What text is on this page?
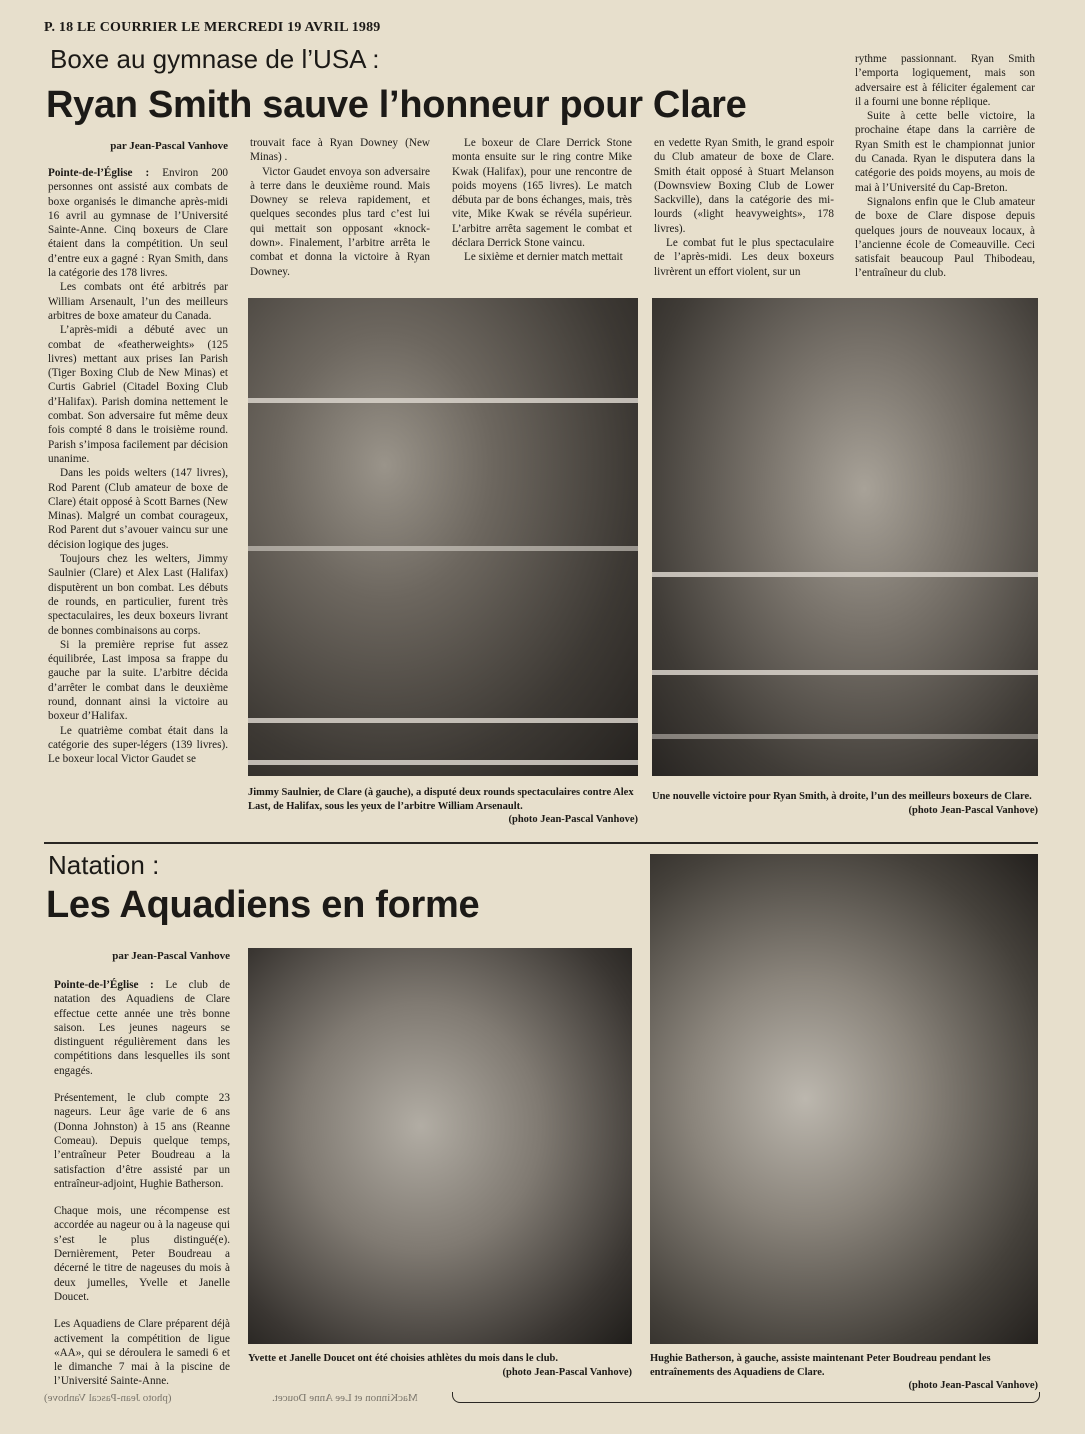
P. 18 LE COURRIER LE MERCREDI 19 AVRIL 1989
Boxe au gymnase de l’USA :
Ryan Smith sauve l’honneur pour Clare
par Jean-Pascal Vanhove

Pointe-de-l’Église : Environ 200 personnes ont assisté aux combats de boxe organisés le dimanche après-midi 16 avril au gymnase de l’Université Sainte-Anne. Cinq boxeurs de Clare étaient dans la compétition. Un seul d’entre eux a gagné : Ryan Smith, dans la catégorie des 178 livres.

Les combats ont été arbitrés par William Arsenault, l’un des meilleurs arbitres de boxe amateur du Canada.

L’après-midi a débuté avec un combat de «featherweights» (125 livres) mettant aux prises Ian Parish (Tiger Boxing Club de New Minas) et Curtis Gabriel (Citadel Boxing Club d’Halifax). Parish domina nettement le combat. Son adversaire fut même deux fois compté 8 dans le troisième round. Parish s’imposa facilement par décision unanime.

Dans les poids welters (147 livres), Rod Parent (Club amateur de boxe de Clare) était opposé à Scott Barnes (New Minas). Malgré un combat courageux, Rod Parent dut s’avouer vaincu sur une décision logique des juges.

Toujours chez les welters, Jimmy Saulnier (Clare) et Alex Last (Halifax) disputèrent un bon combat. Les débuts de rounds, en particulier, furent très spectaculaires, les deux boxeurs livrant de bonnes combinaisons au corps.

Si la première reprise fut assez équilibrée, Last imposa sa frappe du gauche par la suite. L’arbitre décida d’arrêter le combat dans le deuxième round, donnant ainsi la victoire au boxeur d’Halifax.

Le quatrième combat était dans la catégorie des super-légers (139 livres). Le boxeur local Victor Gaudet se

trouvait face à Ryan Downey (New Minas) .

Victor Gaudet envoya son adversaire à terre dans le deuxième round. Mais Downey se releva rapidement, et quelques secondes plus tard c’est lui qui mettait son opposant «knock-down». Finalement, l’arbitre arrêta le combat et donna la victoire à Ryan Downey.

Le boxeur de Clare Derrick Stone monta ensuite sur le ring contre Mike Kwak (Halifax), pour une rencontre de poids moyens (165 livres). Le match débuta par de bons échanges, mais, très vite, Mike Kwak se révéla supérieur. L’arbitre arrêta sagement le combat et déclara Derrick Stone vaincu.

Le sixième et dernier match mettait

en vedette Ryan Smith, le grand espoir du Club amateur de boxe de Clare. Smith était opposé à Stuart Melanson (Downsview Boxing Club de Lower Sackville), dans la catégorie des mi-lourds («light heavyweights», 178 livres).

Le combat fut le plus spectaculaire de l’après-midi. Les deux boxeurs livrèrent un effort violent, sur un

rythme passionnant. Ryan Smith l’emporta logiquement, mais son adversaire est à féliciter également car il a fourni une bonne réplique.

Suite à cette belle victoire, la prochaine étape dans la carrière de Ryan Smith est le championnat junior du Canada. Ryan le disputera dans la catégorie des poids moyens, au mois de mai à l’Université du Cap-Breton.

Signalons enfin que le Club amateur de boxe de Clare dispose depuis quelques jours de nouveaux locaux, à l’ancienne école de Comeauville. Ceci satisfait beaucoup Paul Thibodeau, l’entraîneur du club.

Jimmy Saulnier, de Clare (à gauche), a disputé deux rounds spectaculaires contre Alex Last, de Halifax, sous les yeux de l’arbitre William Arsenault.
(photo Jean-Pascal Vanhove)
Une nouvelle victoire pour Ryan Smith, à droite, l’un des meilleurs boxeurs de Clare.
(photo Jean-Pascal Vanhove)
Natation :
Les Aquadiens en forme
par Jean-Pascal Vanhove

Pointe-de-l’Église : Le club de natation des Aquadiens de Clare effectue cette année une très bonne saison. Les jeunes nageurs se distinguent régulièrement dans les compétitions dans lesquelles ils sont engagés.

Présentement, le club compte 23 nageurs. Leur âge varie de 6 ans (Donna Johnston) à 15 ans (Reanne Comeau). Depuis quelque temps, l’entraîneur Peter Boudreau a la satisfaction d’être assisté par un entraîneur-adjoint, Hughie Batherson.

Chaque mois, une récompense est accordée au nageur ou à la nageuse qui s’est le plus distingué(e). Dernièrement, Peter Boudreau a décerné le titre de nageuses du mois à deux jumelles, Yvelle et Janelle Doucet.

Les Aquadiens de Clare préparent déjà activement la compétition de ligue «AA», qui se déroulera le samedi 6 et le dimanche 7 mai à la piscine de l’Université Sainte-Anne.

Yvette et Janelle Doucet ont été choisies athlètes du mois dans le club.
(photo Jean-Pascal Vanhove)
Hughie Batherson, à gauche, assiste maintenant Peter Boudreau pendant les entraînements des Aquadiens de Clare.
(photo Jean-Pascal Vanhove)
(photo Jean-Pascal Vanhove)	MacKinnon et Lee Anne Doucet.
